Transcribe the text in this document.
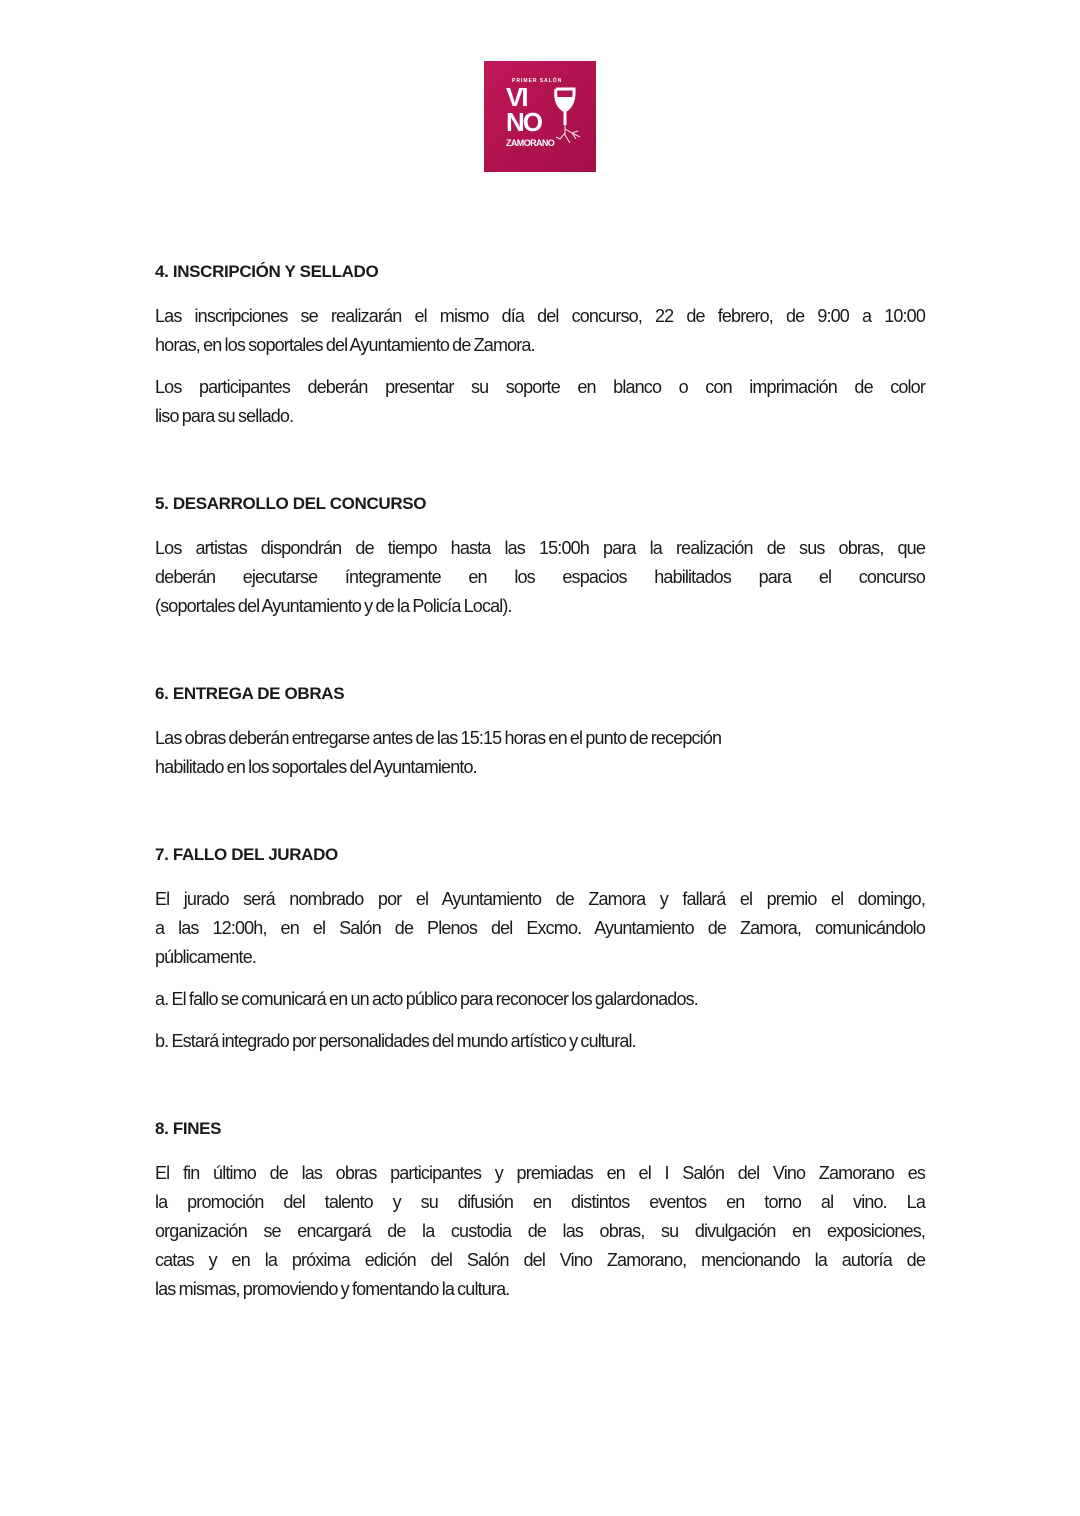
PRIMER SALÓN
VI
NO
ZAMORANO
4. INSCRIPCIÓN Y SELLADO
Las inscripciones se realizarán el mismo día del concurso, 22 de febrero, de 9:00 a 10:00
horas, en los soportales del Ayuntamiento de Zamora.
Los participantes deberán presentar su soporte en blanco o con imprimación de color
liso para su sellado.
5. DESARROLLO DEL CONCURSO
Los artistas dispondrán de tiempo hasta las 15:00h para la realización de sus obras, que
deberán ejecutarse íntegramente en los espacios habilitados para el concurso
(soportales del Ayuntamiento y de la Policía Local).
6. ENTREGA DE OBRAS
Las obras deberán entregarse antes de las 15:15 horas en el punto de recepción
habilitado en los soportales del Ayuntamiento.
7. FALLO DEL JURADO
El jurado será nombrado por el Ayuntamiento de Zamora y fallará el premio el domingo,
a las 12:00h, en el Salón de Plenos del Excmo. Ayuntamiento de Zamora, comunicándolo
públicamente.
a. El fallo se comunicará en un acto público para reconocer los galardonados.
b. Estará integrado por personalidades del mundo artístico y cultural.
8. FINES
El fin último de las obras participantes y premiadas en el I Salón del Vino Zamorano es
la promoción del talento y su difusión en distintos eventos en torno al vino. La
organización se encargará de la custodia de las obras, su divulgación en exposiciones,
catas y en la próxima edición del Salón del Vino Zamorano, mencionando la autoría de
las mismas, promoviendo y fomentando la cultura.
